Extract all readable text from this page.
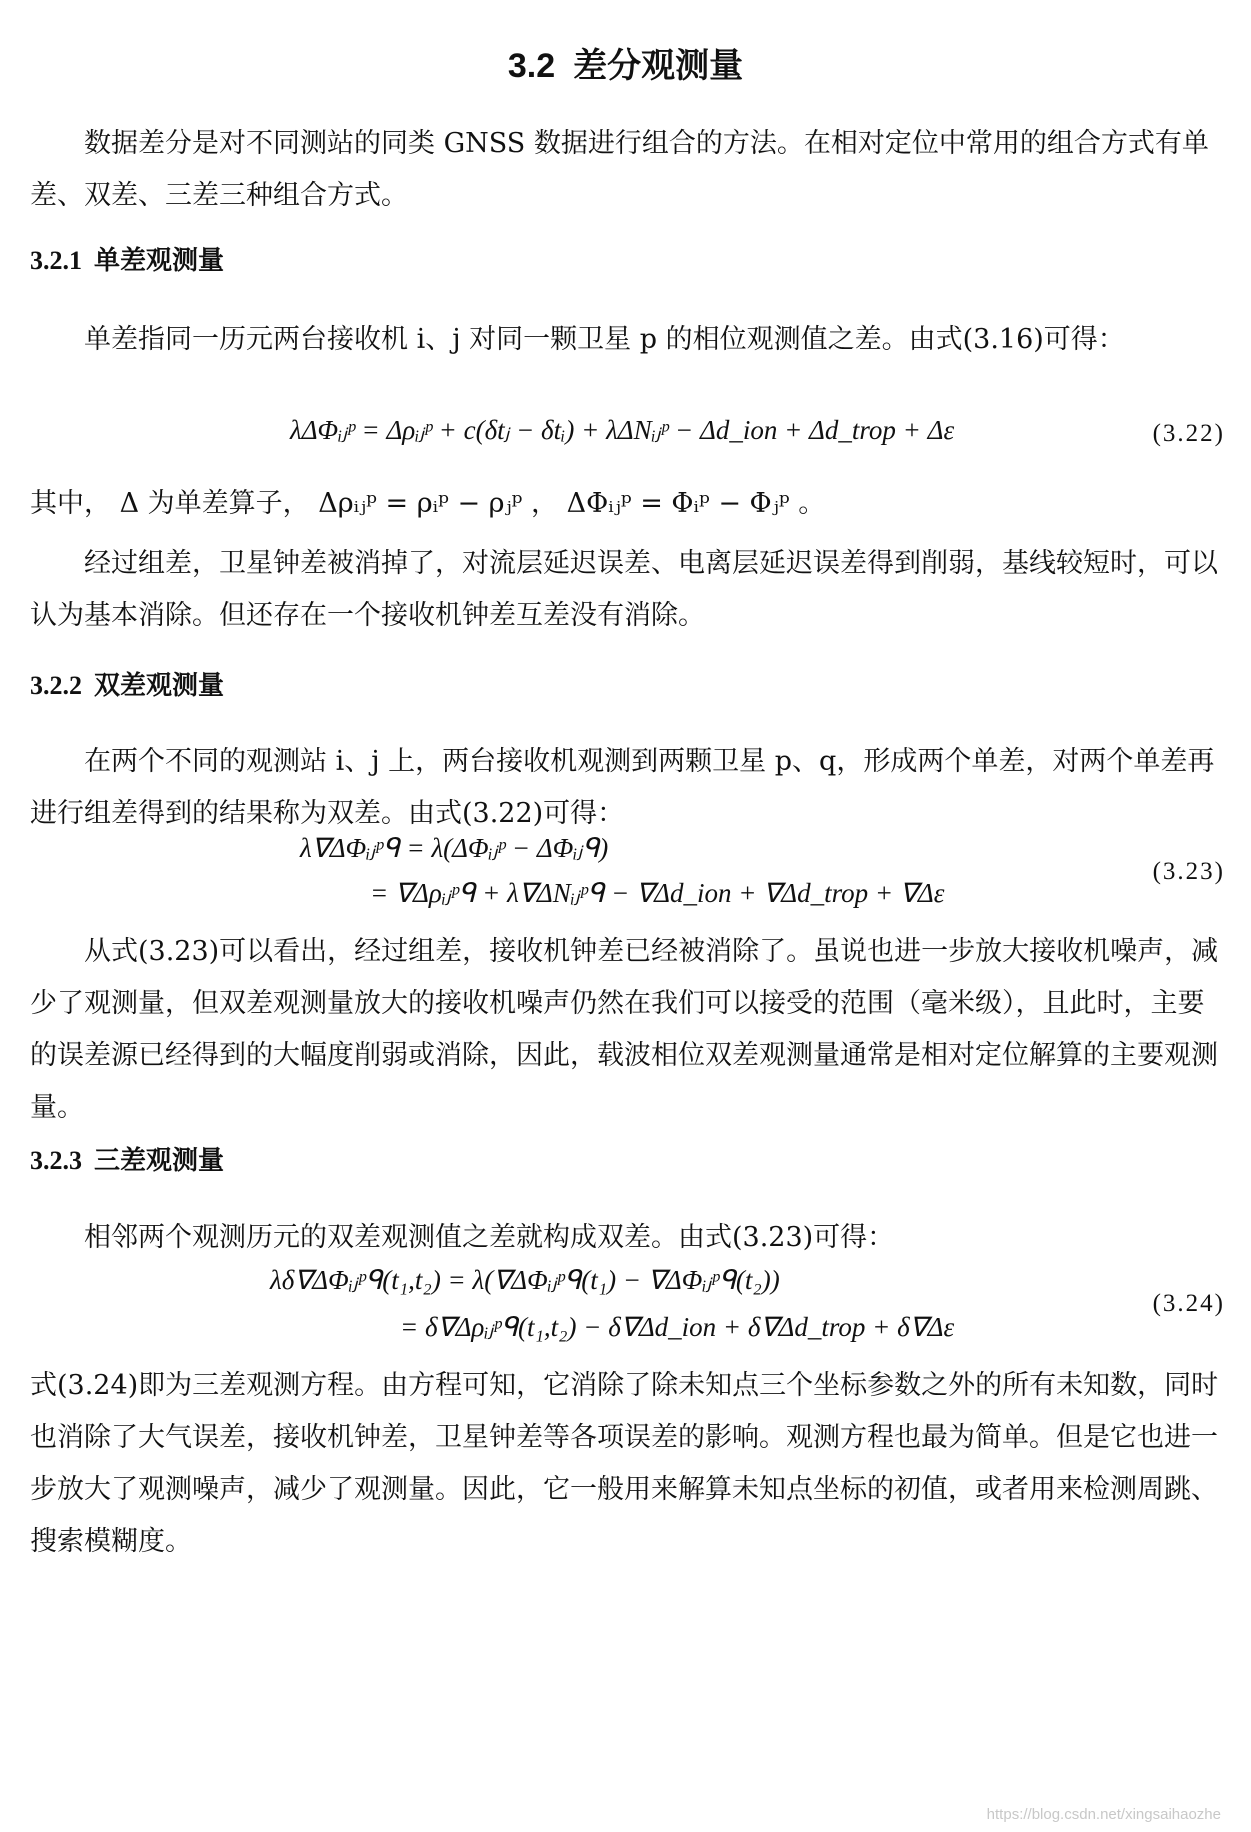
3.2 差分观测量
数据差分是对不同测站的同类 GNSS 数据进行组合的方法。在相对定位中常用的组合方式有单差、双差、三差三种组合方式。
3.2.1 单差观测量
单差指同一历元两台接收机 i、j 对同一颗卫星 p 的相位观测值之差。由式(3.16)可得：
λΔΦᵢⱼᵖ = Δρᵢⱼᵖ + c(δtⱼ − δtᵢ) + λΔNᵢⱼᵖ − Δd_ion + Δd_trop + Δε	(3.22)
其中， Δ 为单差算子， Δρᵢⱼᵖ = ρᵢᵖ − ρⱼᵖ ， ΔΦᵢⱼᵖ = Φᵢᵖ − Φⱼᵖ 。
经过组差，卫星钟差被消掉了，对流层延迟误差、电离层延迟误差得到削弱，基线较短时，可以认为基本消除。但还存在一个接收机钟差互差没有消除。
3.2.2 双差观测量
在两个不同的观测站 i、j 上，两台接收机观测到两颗卫星 p、q，形成两个单差，对两个单差再进行组差得到的结果称为双差。由式(3.22)可得：
λ∇ΔΦᵢⱼᵖᑫ = λ(ΔΦᵢⱼᵖ − ΔΦᵢⱼᑫ)
= ∇Δρᵢⱼᵖᑫ + λ∇ΔNᵢⱼᵖᑫ − ∇Δd_ion + ∇Δd_trop + ∇Δε
(3.23)
从式(3.23)可以看出，经过组差，接收机钟差已经被消除了。虽说也进一步放大接收机噪声，减少了观测量，但双差观测量放大的接收机噪声仍然在我们可以接受的范围（毫米级），且此时，主要的误差源已经得到的大幅度削弱或消除，因此，载波相位双差观测量通常是相对定位解算的主要观测量。
3.2.3 三差观测量
相邻两个观测历元的双差观测值之差就构成双差。由式(3.23)可得：
λδ∇ΔΦᵢⱼᵖᑫ(t₁,t₂) = λ(∇ΔΦᵢⱼᵖᑫ(t₁) − ∇ΔΦᵢⱼᵖᑫ(t₂))
= δ∇Δρᵢⱼᵖᑫ(t₁,t₂) − δ∇Δd_ion + δ∇Δd_trop + δ∇Δε
(3.24)
式(3.24)即为三差观测方程。由方程可知，它消除了除未知点三个坐标参数之外的所有未知数，同时也消除了大气误差，接收机钟差，卫星钟差等各项误差的影响。观测方程也最为简单。但是它也进一步放大了观测噪声，减少了观测量。因此，它一般用来解算未知点坐标的初值，或者用来检测周跳、搜索模糊度。
https://blog.csdn.net/xingsaihaozhe
